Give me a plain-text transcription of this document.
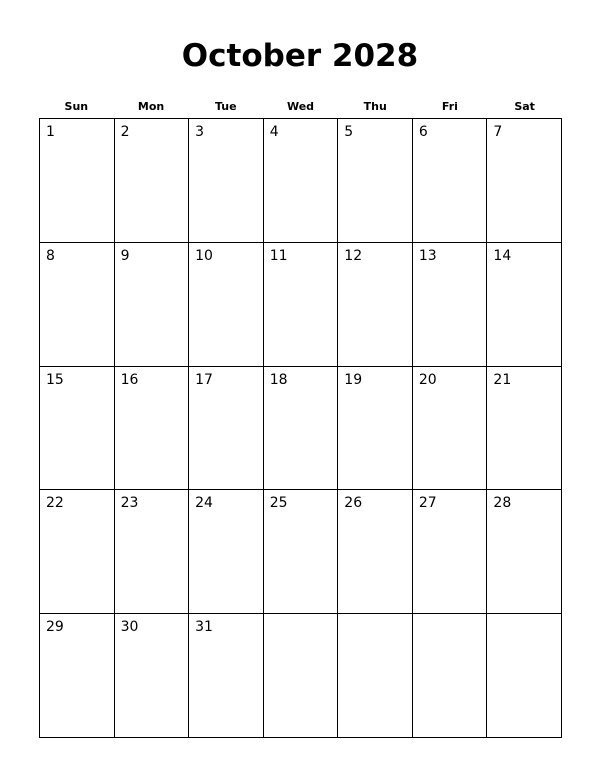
October 2028
Sun	Mon	Tue	Wed	Thu	Fri	Sat
1	2	3	4	5	6	7
8	9	10	11	12	13	14
15	16	17	18	19	20	21
22	23	24	25	26	27	28
29	30	31
